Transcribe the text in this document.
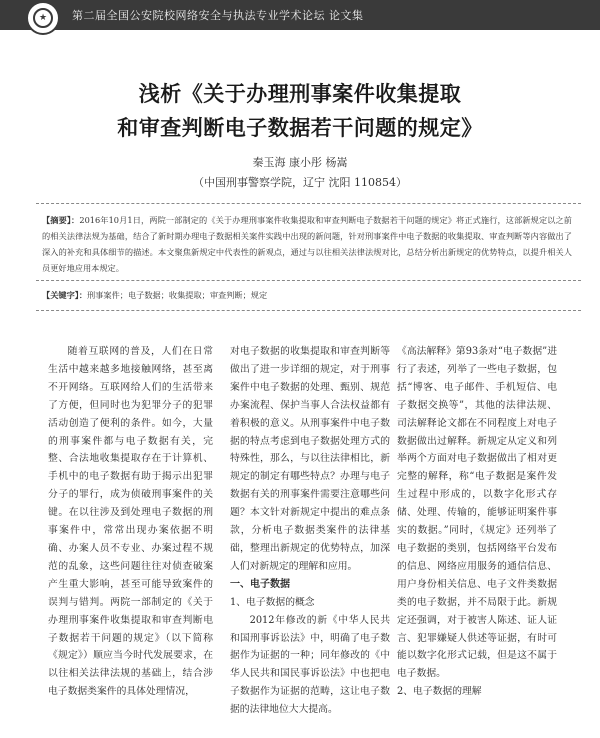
★	第二届全国公安院校网络安全与执法专业学术论坛 论文集
浅析《关于办理刑事案件收集提取
和审查判断电子数据若干问题的规定》
秦玉海 康小彤 杨嵩
（中国刑事警察学院，辽宁 沈阳 110854）
【摘要】：2016年10月1日，两院一部制定的《关于办理刑事案件收集提取和审查判断电子数据若干问题的规定》将正式施行，这部新规定以之前的相关法律法规为基础，结合了新时期办理电子数据相关案件实践中出现的新问题，针对刑事案件中电子数据的收集提取、审查判断等内容做出了深入的补充和具体细节的描述。本文聚焦新规定中代表性的新观点，通过与以往相关法律法规对比，总结分析出新规定的优势特点，以提升相关人员更好地应用本规定。
【关键字】：刑事案件；电子数据；收集提取；审查判断；规定

随着互联网的普及，人们在日常生活中越来越多地接触网络，甚至离不开网络。互联网给人们的生活带来了方便，但同时也为犯罪分子的犯罪活动创造了便利的条件。如今，大量的刑事案件都与电子数据有关，完整、合法地收集提取存在于计算机、手机中的电子数据有助于揭示出犯罪分子的罪行，成为侦破刑事案件的关键。在以往涉及到处理电子数据的刑事案件中，常常出现办案依据不明确、办案人员不专业、办案过程不规范的乱象，这些问题往往对侦查破案产生重大影响，甚至可能导致案件的误判与错判。两院一部制定的《关于办理刑事案件收集提取和审查判断电子数据若干问题的规定》（以下简称《规定》）顺应当今时代发展要求，在以往相关法律法规的基础上，结合涉电子数据类案件的具体处理情况，

对电子数据的收集提取和审查判断等做出了进一步详细的规定，对于刑事案件中电子数据的处理、甄别、规范办案流程、保护当事人合法权益都有着积极的意义。从刑事案件中电子数据的特点考虑到电子数据处理方式的特殊性，那么，与以往法律相比，新规定的制定有哪些特点？办理与电子数据有关的刑事案件需要注意哪些问题？本文针对新规定中提出的难点条款，分析电子数据类案件的法律基础，整理出新规定的优势特点，加深人们对新规定的理解和应用。

一、电子数据

1、电子数据的概念

2012年修改的新《中华人民共和国刑事诉讼法》中，明确了电子数据作为证据的一种；同年修改的《中华人民共和国民事诉讼法》中也把电子数据作为证据的范畴，这让电子数据的法律地位大大提高。

《高法解释》第93条对“电子数据”进行了表述，列举了一些电子数据，包括“博客、电子邮件、手机短信、电子数据交换等”，其他的法律法规、司法解释论文都在不同程度上对电子数据做出过解释。新规定从定义和列举两个方面对电子数据做出了相对更完整的解释，称“电子数据是案件发生过程中形成的，以数字化形式存储、处理、传输的，能够证明案件事实的数据。”同时，《规定》还列举了电子数据的类别，包括网络平台发布的信息、网络应用服务的通信信息、用户身份相关信息、电子文件类数据类的电子数据，并不局限于此。新规定还强调，对于被害人陈述、证人证言、犯罪嫌疑人供述等证据，有时可能以数字化形式记载，但是这不属于电子数据。

2、电子数据的理解
